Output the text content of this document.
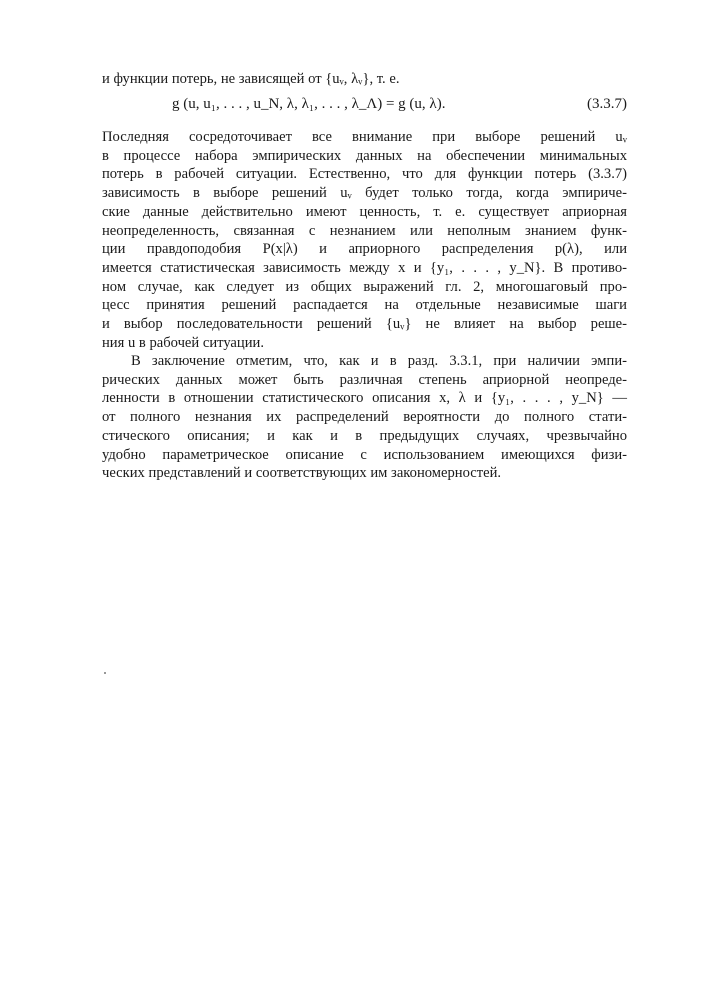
и функции потерь, не зависящей от {uᵥ, λᵥ}, т. е.
g (u, u₁, . . . , u_N, λ, λ₁, . . . , λ_Λ) = g (u, λ).	(3.3.7)
Последняя сосредоточивает все внимание при выборе решений uᵥ
в процессе набора эмпирических данных на обеспечении минимальных
потерь в рабочей ситуации. Естественно, что для функции потерь (3.3.7)
зависимость в выборе решений uᵥ будет только тогда, когда эмпириче-
ские данные действительно имеют ценность, т. е. существует априорная
неопределенность, связанная с незнанием или неполным знанием функ-
ции правдоподобия P(x|λ) и априорного распределения p(λ), или
имеется статистическая зависимость между x и {y₁, . . . , y_N}. В противо-
ном случае, как следует из общих выражений гл. 2, многошаговый про-
цесс принятия решений распадается на отдельные независимые шаги
и выбор последовательности решений {uᵥ} не влияет на выбор реше-
ния u в рабочей ситуации.
В заключение отметим, что, как и в разд. 3.3.1, при наличии эмпи-
рических данных может быть различная степень априорной неопреде-
ленности в отношении статистического описания x, λ и {y₁, . . . , y_N} —
от полного незнания их распределений вероятности до полного стати-
стического описания; и как и в предыдущих случаях, чрезвычайно
удобно параметрическое описание с использованием имеющихся физи-
ческих представлений и соответствующих им закономерностей.
